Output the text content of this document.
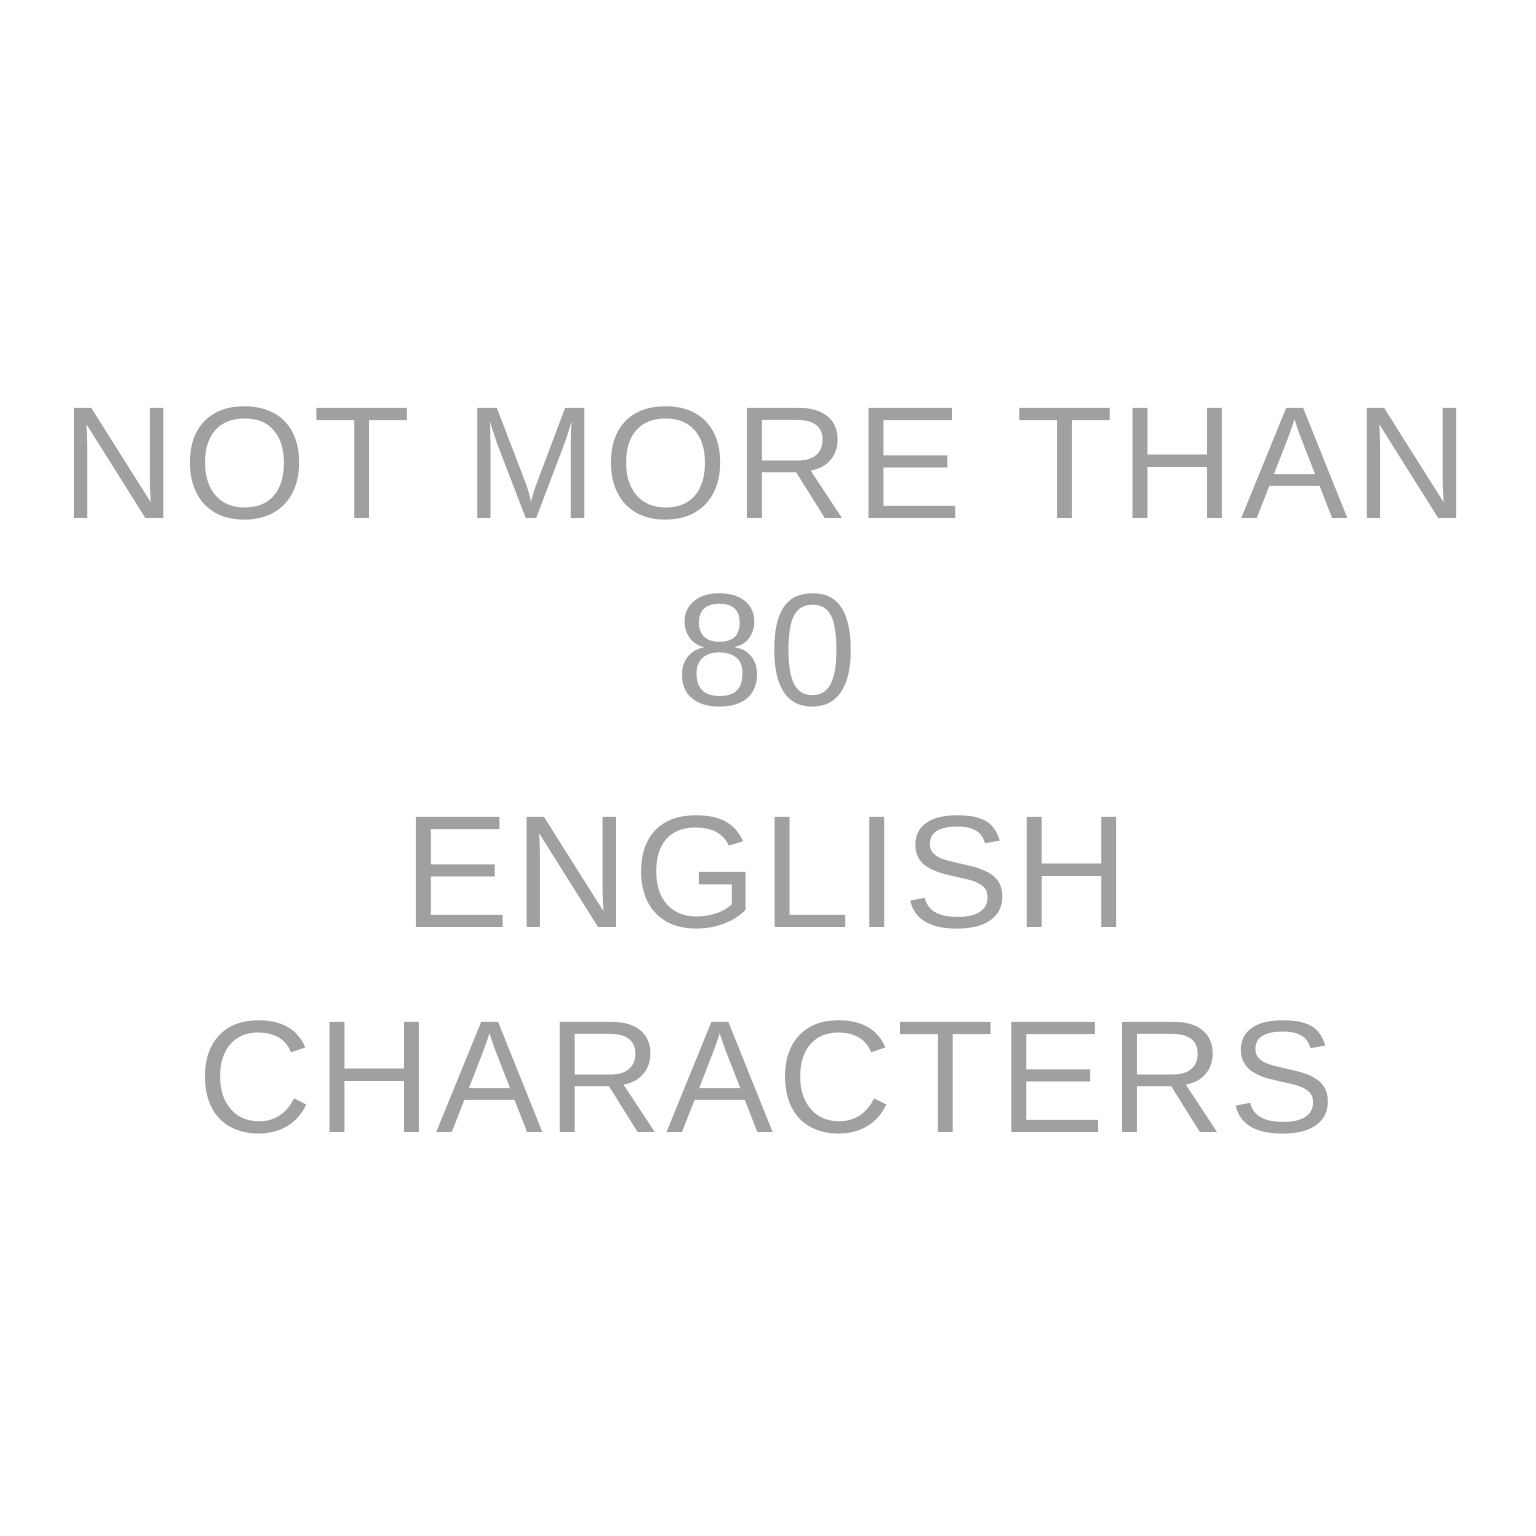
NOT MORE THAN
80
ENGLISH
CHARACTERS
